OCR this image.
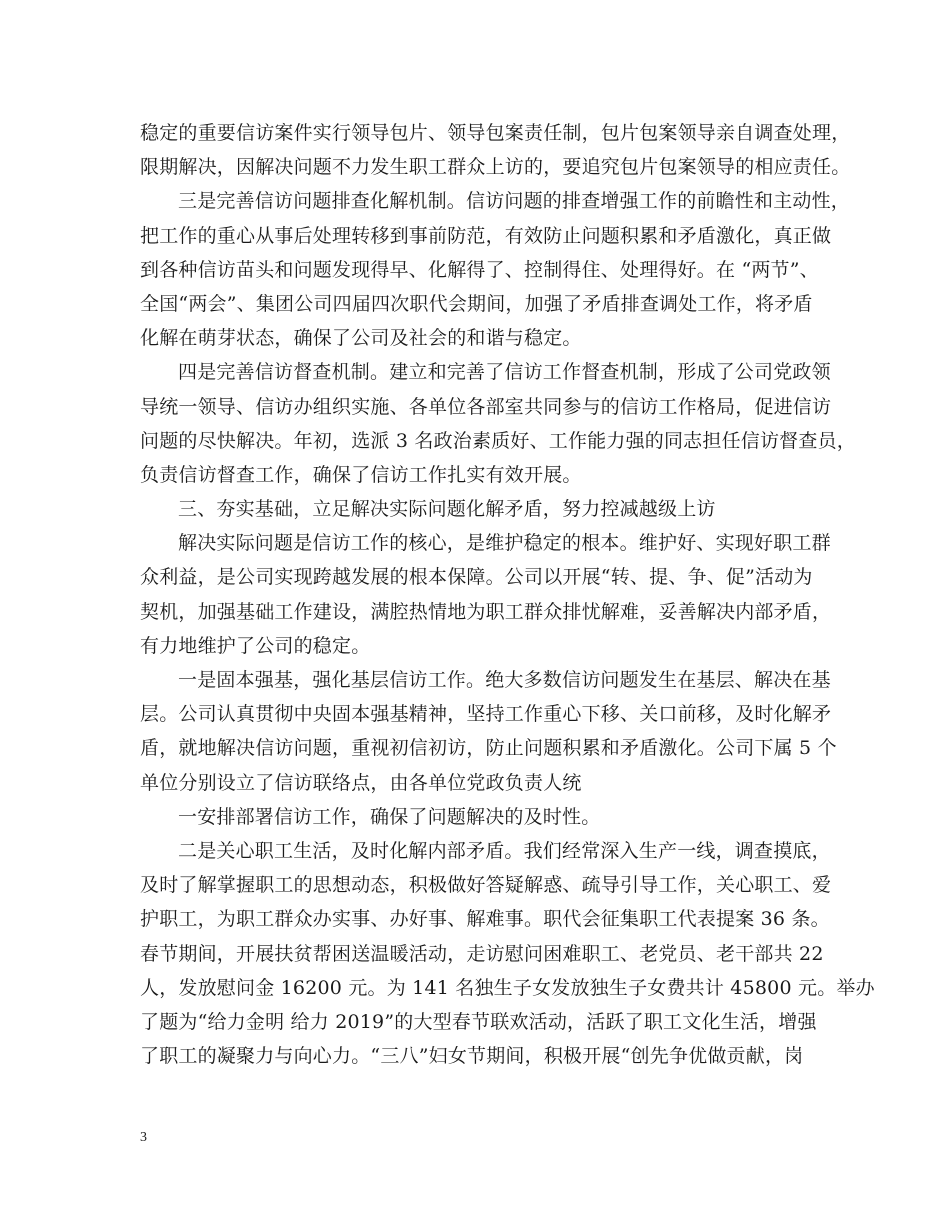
稳定的重要信访案件实行领导包片、领导包案责任制，包片包案领导亲自调查处理，
限期解决，因解决问题不力发生职工群众上访的，要追究包片包案领导的相应责任。
三是完善信访问题排查化解机制。信访问题的排查增强工作的前瞻性和主动性，
把工作的重心从事后处理转移到事前防范，有效防止问题积累和矛盾激化，真正做
到各种信访苗头和问题发现得早、化解得了、控制得住、处理得好。在 “两节”、
全国“两会”、集团公司四届四次职代会期间，加强了矛盾排查调处工作，将矛盾
化解在萌芽状态，确保了公司及社会的和谐与稳定。
四是完善信访督查机制。建立和完善了信访工作督查机制，形成了公司党政领
导统一领导、信访办组织实施、各单位各部室共同参与的信访工作格局，促进信访
问题的尽快解决。年初，选派 3 名政治素质好、工作能力强的同志担任信访督查员，
负责信访督查工作，确保了信访工作扎实有效开展。
三、夯实基础，立足解决实际问题化解矛盾，努力控减越级上访
解决实际问题是信访工作的核心，是维护稳定的根本。维护好、实现好职工群
众利益，是公司实现跨越发展的根本保障。公司以开展“转、提、争、促”活动为
契机，加强基础工作建设，满腔热情地为职工群众排忧解难，妥善解决内部矛盾，
有力地维护了公司的稳定。
一是固本强基，强化基层信访工作。绝大多数信访问题发生在基层、解决在基
层。公司认真贯彻中央固本强基精神，坚持工作重心下移、关口前移，及时化解矛
盾，就地解决信访问题，重视初信初访，防止问题积累和矛盾激化。公司下属 5 个
单位分别设立了信访联络点，由各单位党政负责人统
一安排部署信访工作，确保了问题解决的及时性。
二是关心职工生活，及时化解内部矛盾。我们经常深入生产一线，调查摸底，
及时了解掌握职工的思想动态，积极做好答疑解惑、疏导引导工作，关心职工、爱
护职工，为职工群众办实事、办好事、解难事。职代会征集职工代表提案 36 条。
春节期间，开展扶贫帮困送温暖活动，走访慰问困难职工、老党员、老干部共 22
人，发放慰问金 16200 元。为 141 名独生子女发放独生子女费共计 45800 元。举办
了题为“给力金明 给力 2019”的大型春节联欢活动，活跃了职工文化生活，增强
了职工的凝聚力与向心力。“三八”妇女节期间，积极开展“创先争优做贡献，岗
3
